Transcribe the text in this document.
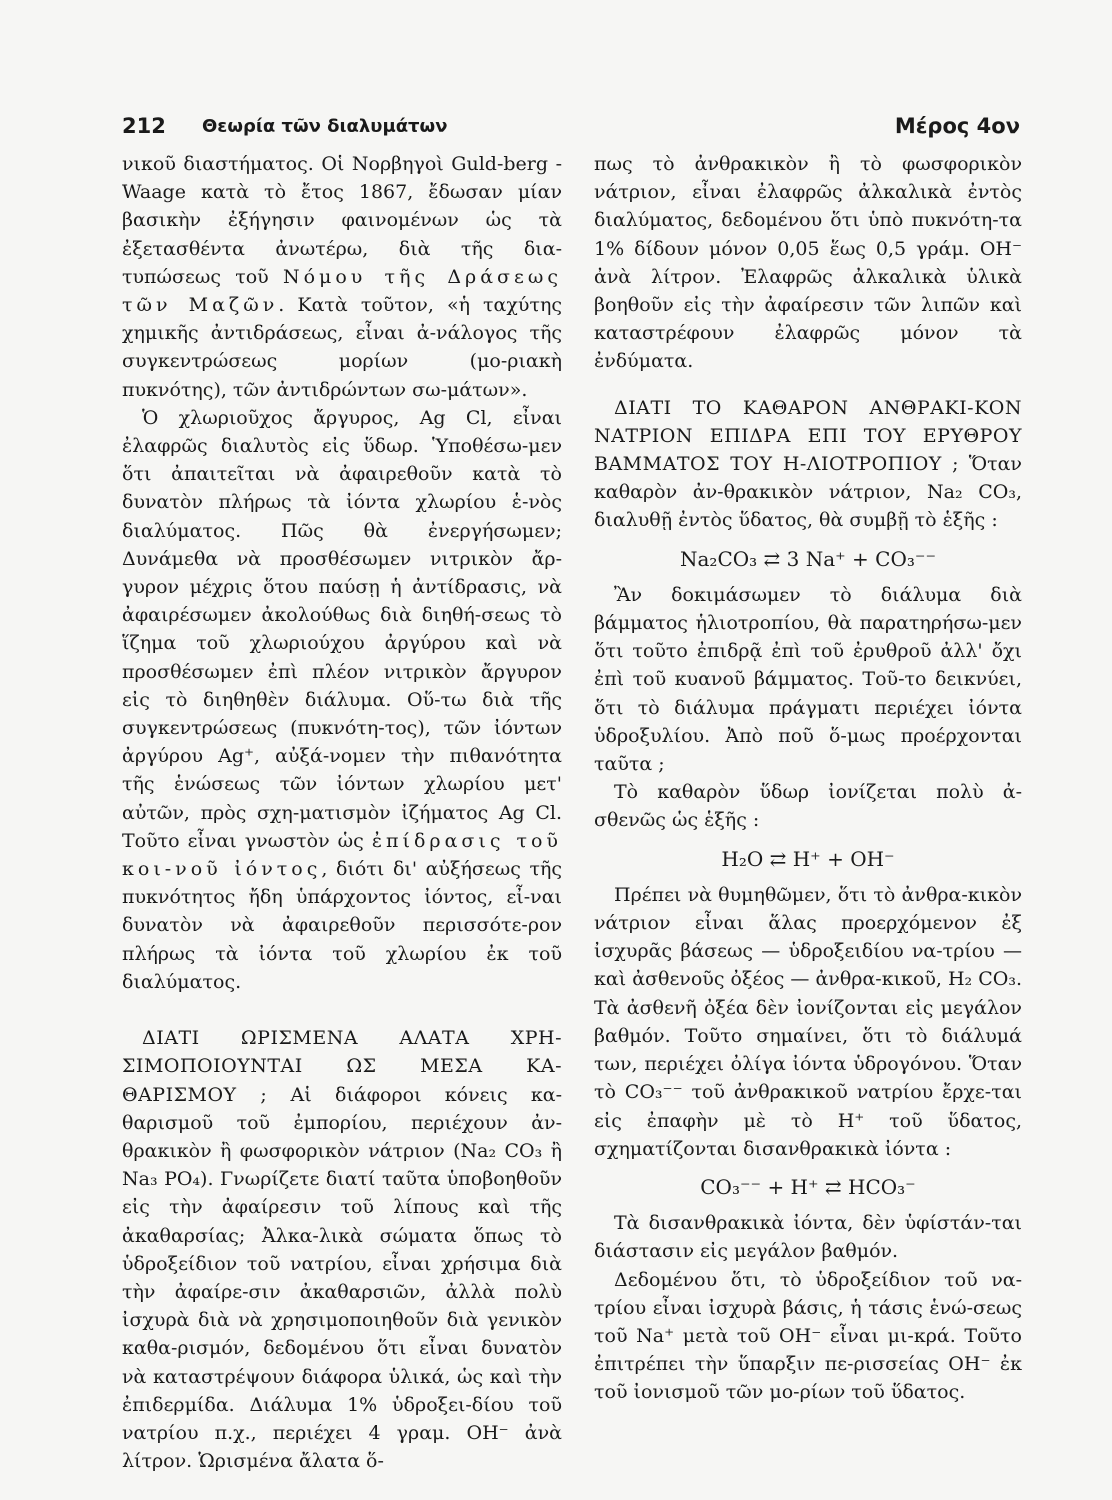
212 Θεωρία τῶν διαλυμάτων	Μέρος 4ον

νικοῦ διαστήματος. Οἱ Νορβηγοὶ Guld-berg - Waage κατὰ τὸ ἔτος 1867, ἔδωσαν μίαν βασικὴν ἐξήγησιν φαινομένων ὡς τὰ ἐξετασθέντα ἀνωτέρω, διὰ τῆς δια-τυπώσεως τοῦ Νόμου τῆς Δράσεως τῶν Μαζῶν. Κατὰ τοῦτον, «ἡ ταχύτης χημικῆς ἀντιδράσεως, εἶναι ἀ-νάλογος τῆς συγκεντρώσεως μορίων (μο-ριακὴ πυκνότης), τῶν ἀντιδρώντων σω-μάτων».

Ὁ χλωριοῦχος ἄργυρος, Ag Cl, εἶναι ἐλαφρῶς διαλυτὸς εἰς ὕδωρ. Ὑποθέσω-μεν ὅτι ἀπαιτεῖται νὰ ἀφαιρεθοῦν κατὰ τὸ δυνατὸν πλήρως τὰ ἰόντα χλωρίου ἑ-νὸς διαλύματος. Πῶς θὰ ἐνεργήσωμεν; Δυνάμεθα νὰ προσθέσωμεν νιτρικὸν ἄρ-γυρον μέχρις ὅτου παύσῃ ἡ ἀντίδρασις, νὰ ἀφαιρέσωμεν ἀκολούθως διὰ διηθή-σεως τὸ ἵζημα τοῦ χλωριούχου ἀργύρου καὶ νὰ προσθέσωμεν ἐπὶ πλέον νιτρικὸν ἄργυρον εἰς τὸ διηθηθὲν διάλυμα. Οὕ-τω διὰ τῆς συγκεντρώσεως (πυκνότη-τος), τῶν ἰόντων ἀργύρου Ag⁺, αὐξά-νομεν τὴν πιθανότητα τῆς ἑνώσεως τῶν ἰόντων χλωρίου μετ' αὐτῶν, πρὸς σχη-ματισμὸν ἰζήματος Ag Cl. Τοῦτο εἶναι γνωστὸν ὡς ἐπίδρασις τοῦ κοι-νοῦ ἰόντος, διότι δι' αὐξήσεως τῆς πυκνότητος ἤδη ὑπάρχοντος ἰόντος, εἶ-ναι δυνατὸν νὰ ἀφαιρεθοῦν περισσότε-ρον πλήρως τὰ ἰόντα τοῦ χλωρίου ἐκ τοῦ διαλύματος.

ΔΙΑΤΙ ΩΡΙΣΜΕΝΑ ΑΛΑΤΑ ΧΡΗ-ΣΙΜΟΠΟΙΟΥΝΤΑΙ ΩΣ ΜΕΣΑ ΚΑ-ΘΑΡΙΣΜΟΥ ; Αἱ διάφοροι κόνεις κα-θαρισμοῦ τοῦ ἐμπορίου, περιέχουν ἀν-θρακικὸν ἢ φωσφορικὸν νάτριον (Na₂ CO₃ ἢ Na₃ PO₄). Γνωρίζετε διατί ταῦτα ὑποβοηθοῦν εἰς τὴν ἀφαίρεσιν τοῦ λίπους καὶ τῆς ἀκαθαρσίας; Ἀλκα-λικὰ σώματα ὅπως τὸ ὑδροξείδιον τοῦ νατρίου, εἶναι χρήσιμα διὰ τὴν ἀφαίρε-σιν ἀκαθαρσιῶν, ἀλλὰ πολὺ ἰσχυρὰ διὰ νὰ χρησιμοποιηθοῦν διὰ γενικὸν καθα-ρισμόν, δεδομένου ὅτι εἶναι δυνατὸν νὰ καταστρέψουν διάφορα ὑλικά, ὡς καὶ τὴν ἐπιδερμίδα. Διάλυμα 1% ὑδροξει-δίου τοῦ νατρίου π.χ., περιέχει 4 γραμ. OH⁻ ἀνὰ λίτρον. Ὡρισμένα ἄλατα ὅ-

πως τὸ ἀνθρακικὸν ἢ τὸ φωσφορικὸν νάτριον, εἶναι ἐλαφρῶς ἀλκαλικὰ ἐντὸς διαλύματος, δεδομένου ὅτι ὑπὸ πυκνότη-τα 1% δίδουν μόνον 0,05 ἕως 0,5 γράμ. OH⁻ ἀνὰ λίτρον. Ἐλαφρῶς ἀλκαλικὰ ὑλικὰ βοηθοῦν εἰς τὴν ἀφαίρεσιν τῶν λιπῶν καὶ καταστρέφουν ἐλαφρῶς μόνον τὰ ἐνδύματα.

ΔΙΑΤΙ ΤΟ ΚΑΘΑΡΟΝ ΑΝΘΡΑΚΙ-ΚΟΝ ΝΑΤΡΙΟΝ ΕΠΙΔΡΑ ΕΠΙ ΤΟΥ ΕΡΥΘΡΟΥ ΒΑΜΜΑΤΟΣ ΤΟΥ Η-ΛΙΟΤΡΟΠΙΟΥ ; Ὅταν καθαρὸν ἀν-θρακικὸν νάτριον, Na₂ CO₃, διαλυθῇ ἐντὸς ὕδατος, θὰ συμβῇ τὸ ἑξῆς :

Na₂CO₃ ⇄ 3 Na⁺ + CO₃⁻⁻

Ἂν δοκιμάσωμεν τὸ διάλυμα διὰ βάμματος ἡλιοτροπίου, θὰ παρατηρήσω-μεν ὅτι τοῦτο ἐπιδρᾷ ἐπὶ τοῦ ἐρυθροῦ ἀλλ' ὄχι ἐπὶ τοῦ κυανοῦ βάμματος. Τοῦ-το δεικνύει, ὅτι τὸ διάλυμα πράγματι περιέχει ἰόντα ὑδροξυλίου. Ἀπὸ ποῦ ὅ-μως προέρχονται ταῦτα ;

Τὸ καθαρὸν ὕδωρ ἰονίζεται πολὺ ἀ-σθενῶς ὡς ἑξῆς :

H₂O ⇄ H⁺ + OH⁻

Πρέπει νὰ θυμηθῶμεν, ὅτι τὸ ἀνθρα-κικὸν νάτριον εἶναι ἅλας προερχόμενον ἐξ ἰσχυρᾶς βάσεως — ὑδροξειδίου να-τρίου — καὶ ἀσθενοῦς ὀξέος — ἀνθρα-κικοῦ, H₂ CO₃. Τὰ ἀσθενῆ ὀξέα δὲν ἰονίζονται εἰς μεγάλον βαθμόν. Τοῦτο σημαίνει, ὅτι τὸ διάλυμά των, περιέχει ὀλίγα ἰόντα ὑδρογόνου. Ὅταν τὸ CO₃⁻⁻ τοῦ ἀνθρακικοῦ νατρίου ἔρχε-ται εἰς ἐπαφὴν μὲ τὸ H⁺ τοῦ ὕδατος, σχηματίζονται δισανθρακικὰ ἰόντα :

CO₃⁻⁻ + H⁺ ⇄ HCO₃⁻

Τὰ δισανθρακικὰ ἰόντα, δὲν ὑφίστάν-ται διάστασιν εἰς μεγάλον βαθμόν.

Δεδομένου ὅτι, τὸ ὑδροξείδιον τοῦ να-τρίου εἶναι ἰσχυρὰ βάσις, ἡ τάσις ἑνώ-σεως τοῦ Na⁺ μετὰ τοῦ OH⁻ εἶναι μι-κρά. Τοῦτο ἐπιτρέπει τὴν ὕπαρξιν πε-ρισσείας OH⁻ ἐκ τοῦ ἰονισμοῦ τῶν μο-ρίων τοῦ ὕδατος.
